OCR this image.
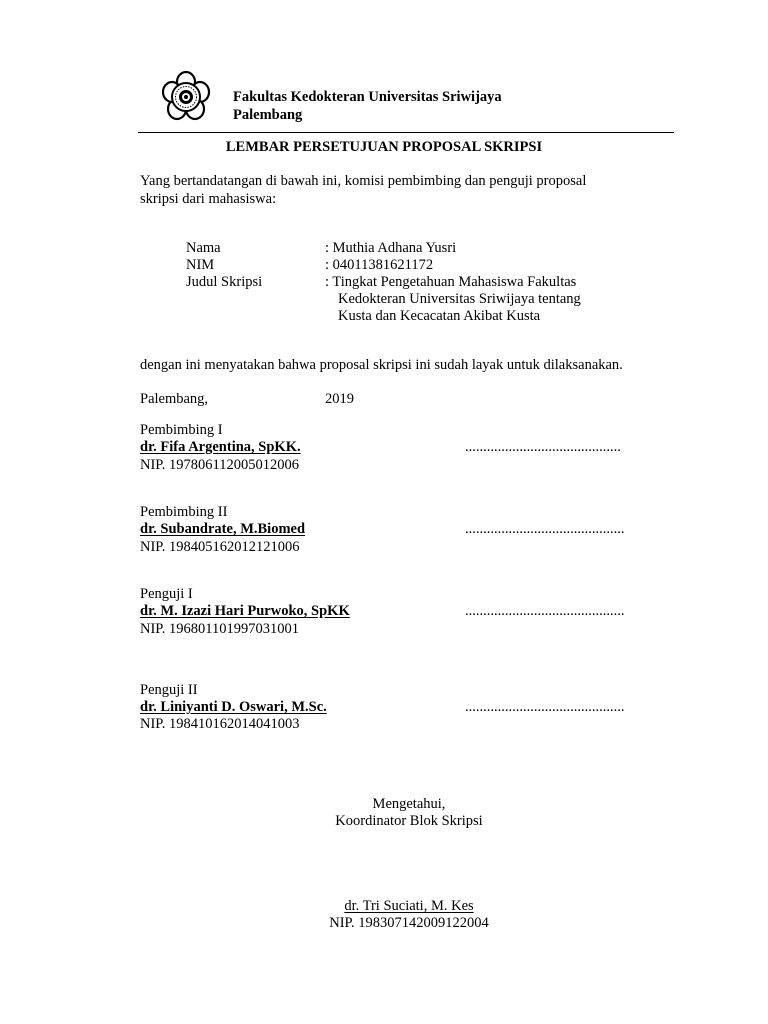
Fakultas Kedokteran Universitas Sriwijaya
Palembang
LEMBAR PERSETUJUAN PROPOSAL SKRIPSI
Yang bertandatangan di bawah ini, komisi pembimbing dan penguji proposal
skripsi dari mahasiswa:
Nama	: Muthia Adhana Yusri
NIM	: 04011381621172
Judul Skripsi	: Tingkat Pengetahuan Mahasiswa Fakultas
Kedokteran Universitas Sriwijaya tentang
Kusta dan Kecacatan Akibat Kusta
dengan ini menyatakan bahwa proposal skripsi ini sudah layak untuk dilaksanakan.
Palembang,	2019
Pembimbing I
dr. Fifa Argentina, SpKK.	...........................................
NIP. 197806112005012006
Pembimbing II
dr. Subandrate, M.Biomed	............................................
NIP. 198405162012121006
Penguji I
dr. M. Izazi Hari Purwoko, SpKK	............................................
NIP. 196801101997031001
Penguji II
dr. Liniyanti D. Oswari, M.Sc.	............................................
NIP. 198410162014041003
Mengetahui,
Koordinator Blok Skripsi
dr. Tri Suciati, M. Kes
NIP. 198307142009122004
